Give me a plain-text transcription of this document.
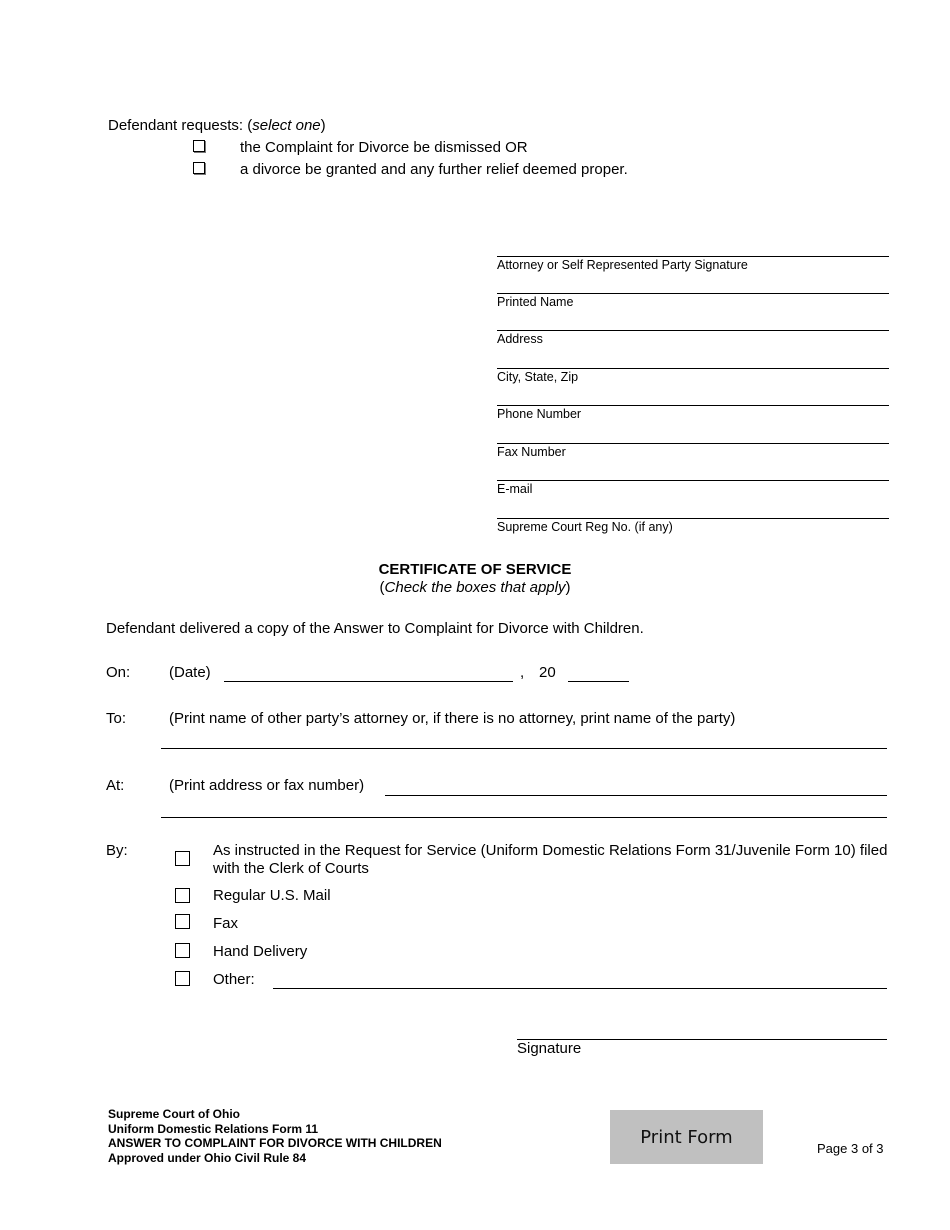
Defendant requests: (select one)
the Complaint for Divorce be dismissed OR
a divorce be granted and any further relief deemed proper.
Attorney or Self Represented Party Signature
Printed Name
Address
City, State, Zip
Phone Number
Fax Number
E-mail
Supreme Court Reg No. (if any)
CERTIFICATE OF SERVICE
(Check the boxes that apply)
Defendant delivered a copy of the Answer to Complaint for Divorce with Children.
On:	(Date)	, 20
To:	(Print name of other party’s attorney or, if there is no attorney, print name of the party)
At:	(Print address or fax number)
By:	As instructed in the Request for Service (Uniform Domestic Relations Form 31/Juvenile Form 10) filed with the Clerk of Courts
Regular U.S. Mail
Fax
Hand Delivery
Other:
Signature
Supreme Court of Ohio
Uniform Domestic Relations Form 11
ANSWER TO COMPLAINT FOR DIVORCE WITH CHILDREN
Approved under Ohio Civil Rule 84
Print Form
Page 3 of 3
